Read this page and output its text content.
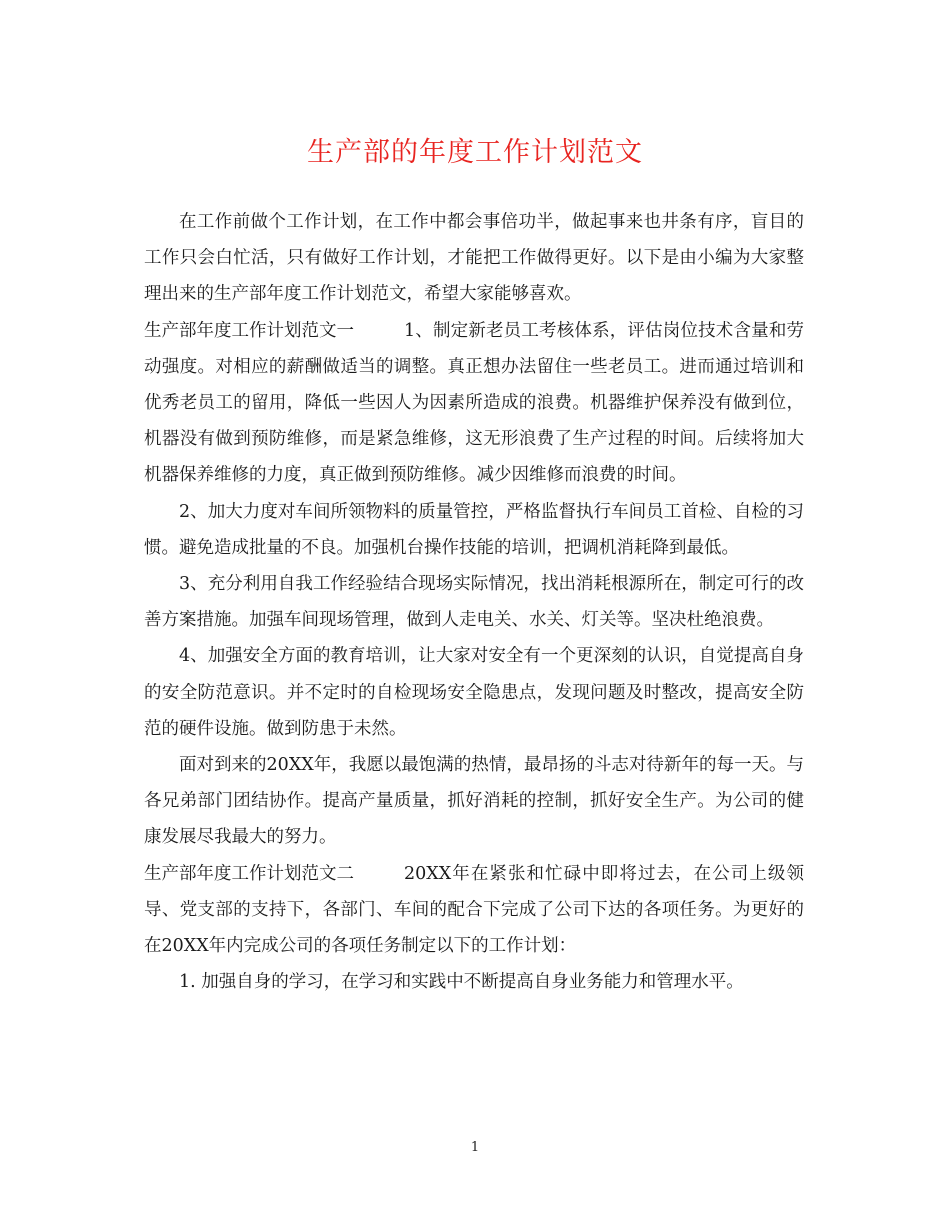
生产部的年度工作计划范文

在工作前做个工作计划，在工作中都会事倍功半，做起事来也井条有序，盲目的工作只会白忙活，只有做好工作计划，才能把工作做得更好。以下是由小编为大家整理出来的生产部年度工作计划范文，希望大家能够喜欢。

生产部年度工作计划范文一	1、制定新老员工考核体系，评估岗位技术含量和劳动强度。对相应的薪酬做适当的调整。真正想办法留住一些老员工。进而通过培训和优秀老员工的留用，降低一些因人为因素所造成的浪费。机器维护保养没有做到位，机器没有做到预防维修，而是紧急维修，这无形浪费了生产过程的时间。后续将加大机器保养维修的力度，真正做到预防维修。减少因维修而浪费的时间。

2、加大力度对车间所领物料的质量管控，严格监督执行车间员工首检、自检的习惯。避免造成批量的不良。加强机台操作技能的培训，把调机消耗降到最低。

3、充分利用自我工作经验结合现场实际情况，找出消耗根源所在，制定可行的改善方案措施。加强车间现场管理，做到人走电关、水关、灯关等。坚决杜绝浪费。

4、加强安全方面的教育培训，让大家对安全有一个更深刻的认识，自觉提高自身的安全防范意识。并不定时的自检现场安全隐患点，发现问题及时整改，提高安全防范的硬件设施。做到防患于未然。

面对到来的20XX年，我愿以最饱满的热情，最昂扬的斗志对待新年的每一天。与各兄弟部门团结协作。提高产量质量，抓好消耗的控制，抓好安全生产。为公司的健康发展尽我最大的努力。

生产部年度工作计划范文二	20XX年在紧张和忙碌中即将过去，在公司上级领导、党支部的支持下，各部门、车间的配合下完成了公司下达的各项任务。为更好的在20XX年内完成公司的各项任务制定以下的工作计划：

1. 加强自身的学习，在学习和实践中不断提高自身业务能力和管理水平。

1
